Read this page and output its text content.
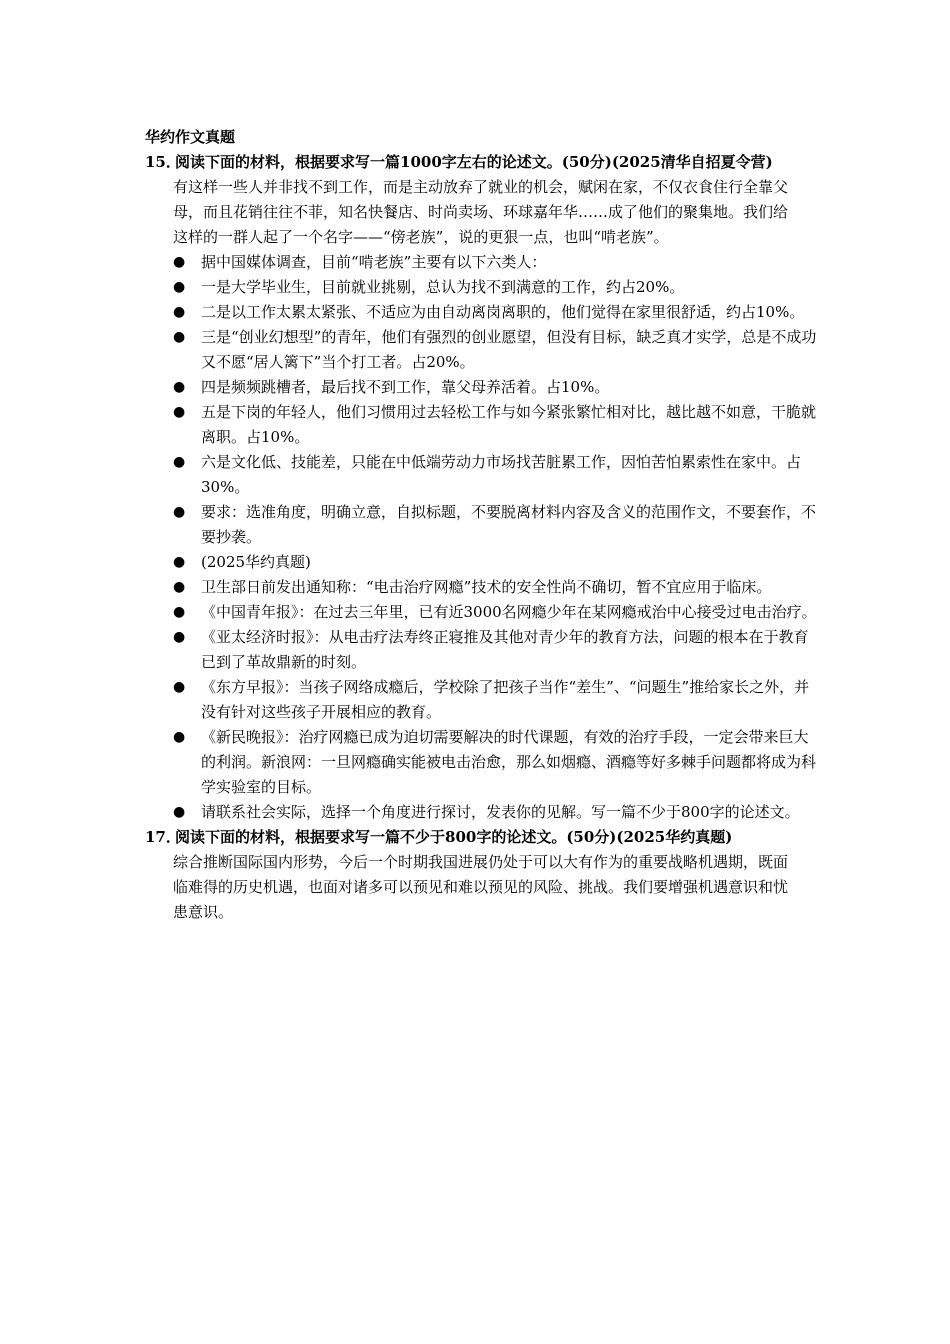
华约作文真题

15．
阅读下面的材料，根据要求写一篇1000字左右的论述文。(50分)(2025清华自招夏令营)

有这样一些人并非找不到工作，而是主动放弃了就业的机会，赋闲在家，不仅衣食住行全靠父母，而且花销往往不菲，知名快餐店、时尚卖场、环球嘉年华……成了他们的聚集地。我们给这样的一群人起了一个名字——“傍老族”，说的更狠一点，也叫“啃老族”。

●	据中国媒体调查，目前“啃老族”主要有以下六类人：
●	一是大学毕业生，目前就业挑剔，总认为找不到满意的工作，约占20%。
●	二是以工作太累太紧张、不适应为由自动离岗离职的，他们觉得在家里很舒适，约占10%。
●	三是“创业幻想型”的青年，他们有强烈的创业愿望，但没有目标，缺乏真才实学，总是不成功又不愿“居人篱下”当个打工者。占20%。
●	四是频频跳槽者，最后找不到工作，靠父母养活着。占10%。
●	五是下岗的年轻人，他们习惯用过去轻松工作与如今紧张繁忙相对比，越比越不如意，干脆就离职。占10%。
●	六是文化低、技能差，只能在中低端劳动力市场找苦脏累工作，因怕苦怕累索性在家中。占30%。
●	要求：选准角度，明确立意，自拟标题，不要脱离材料内容及含义的范围作文，不要套作，不要抄袭。
●	(2025华约真题)
●	卫生部日前发出通知称：“电击治疗网瘾”技术的安全性尚不确切，暂不宜应用于临床。
●	《中国青年报》：在过去三年里，已有近3000名网瘾少年在某网瘾戒治中心接受过电击治疗。
●	《亚太经济时报》：从电击疗法寿终正寝推及其他对青少年的教育方法，问题的根本在于教育已到了革故鼎新的时刻。
●	《东方早报》：当孩子网络成瘾后，学校除了把孩子当作“差生”、“问题生”推给家长之外，并没有针对这些孩子开展相应的教育。
●	《新民晚报》：治疗网瘾已成为迫切需要解决的时代课题，有效的治疗手段，一定会带来巨大的利润。新浪网：一旦网瘾确实能被电击治愈，那么如烟瘾、酒瘾等好多棘手问题都将成为科学实验室的目标。
●	请联系社会实际，选择一个角度进行探讨，发表你的见解。写一篇不少于800字的论述文。
17．
阅读下面的材料，根据要求写一篇不少于800字的论述文。(50分)(2025华约真题)

综合推断国际国内形势，今后一个时期我国进展仍处于可以大有作为的重要战略机遇期，既面临难得的历史机遇，也面对诸多可以预见和难以预见的风险、挑战。我们要增强机遇意识和忧患意识。
